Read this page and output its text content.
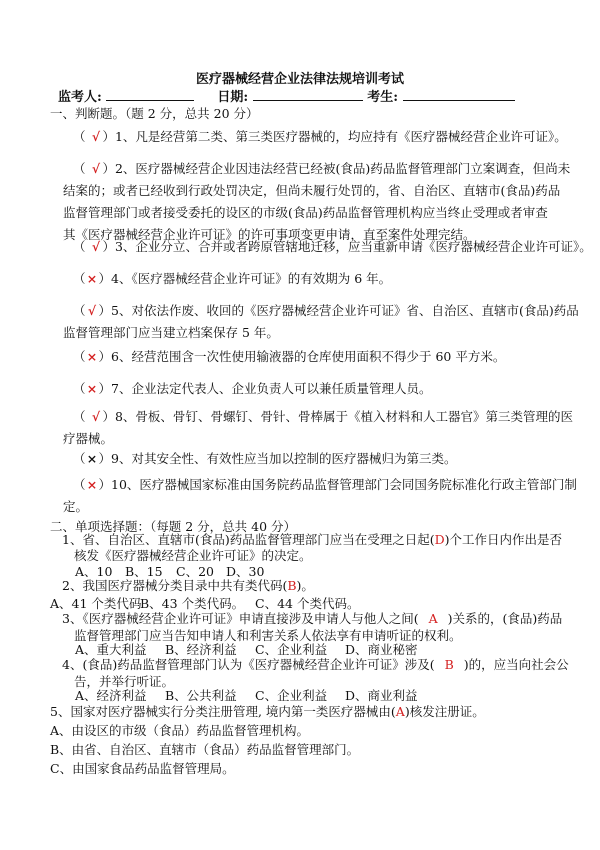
医疗器械经营企业法律法规培训考试
监考人:	日期:	考生:
一、判断题。（题 2 分，总共 20 分）
（ √ ）1、凡是经营第二类、第三类医疗器械的，均应持有《医疗器械经营企业许可证》。
（ √ ）2、医疗器械经营企业因违法经营已经被(食品)药品监督管理部门立案调查，但尚未
结案的；或者已经收到行政处罚决定，但尚未履行处罚的，省、自治区、直辖市(食品)药品
监督管理部门或者接受委托的设区的市级(食品)药品监督管理机构应当终止受理或者审查
其《医疗器械经营企业许可证》的许可事项变更申请，直至案件处理完结。
（ √ ）3、企业分立、合并或者跨原管辖地迁移，应当重新申请《医疗器械经营企业许可证》。
（×）4、《医疗器械经营企业许可证》的有效期为 6 年。
（ √ ）5、对依法作废、收回的《医疗器械经营企业许可证》省、自治区、直辖市(食品)药品
监督管理部门应当建立档案保存 5 年。
（×）6、经营范围含一次性使用输液器的仓库使用面积不得少于 60 平方米。
（×）7、企业法定代表人、企业负责人可以兼任质量管理人员。
（ √ ）8、骨板、骨钉、骨螺钉、骨针、骨棒属于《植入材料和人工器官》第三类管理的医
疗器械。
（×）9、对其安全性、有效性应当加以控制的医疗器械归为第三类。
（×）10、医疗器械国家标准由国务院药品监督管理部门会同国务院标准化行政主管部门制
定。
二、单项选择题：（每题 2 分，总共 40 分）
1、省、自治区、直辖市(食品)药品监督管理部门应当在受理之日起(D)个工作日内作出是否
核发《医疗器械经营企业许可证》的决定。
A、10 B、15 C、20 D、30
2、我国医疗器械分类目录中共有类代码(B)。
A、41 个类代码B、43 个类代码。 C、44 个类代码。
3、《医疗器械经营企业许可证》申请直接涉及申请人与他人之间( A )关系的，(食品)药品
监督管理部门应当告知申请人和利害关系人依法享有申请听证的权利。
A、重大利益 B、经济利益 C、企业利益 D、商业秘密
4、(食品)药品监督管理部门认为《医疗器械经营企业许可证》涉及( B )的，应当向社会公
告，并举行听证。
A、经济利益 B、公共利益 C、企业利益 D、商业利益
5、国家对医疗器械实行分类注册管理, 境内第一类医疗器械由(A)核发注册证。
A、由设区的市级（食品）药品监督管理机构。
B、由省、自治区、直辖市（食品）药品监督管理部门。
C、由国家食品药品监督管理局。
